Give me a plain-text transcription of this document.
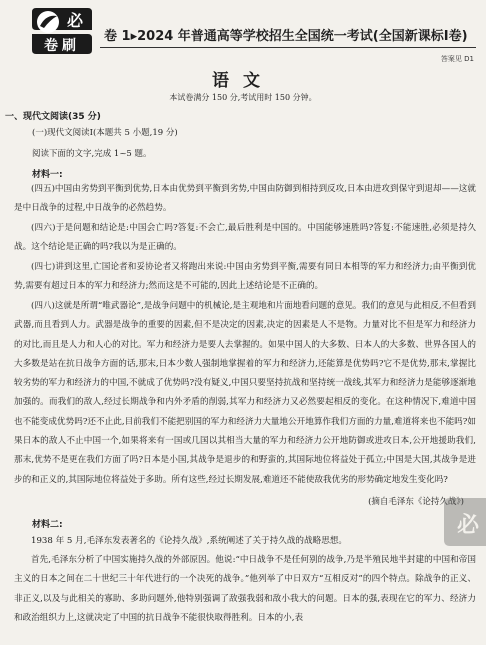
必
卷刷
卷 1▸2024 年普通高等学校招生全国统一考试(全国新课标Ⅰ卷)
答案见 D1
语文
本试卷满分 150 分,考试用时 150 分钟。
一、现代文阅读(35 分)
(一)现代文阅读Ⅰ(本题共 5 小题,19 分)
阅读下面的文字,完成 1~5 题。
材料一:

(四五)中国由劣势到平衡到优势,日本由优势到平衡到劣势,中国由防御到相持到反攻,日本由进攻到保守到退却——这就是中日战争的过程,中日战争的必然趋势。

(四六)于是问题和结论是:中国会亡吗?答复:不会亡,最后胜利是中国的。中国能够速胜吗?答复:不能速胜,必须是持久战。这个结论是正确的吗?我以为是正确的。

(四七)讲到这里,亡国论者和妥协论者又将跑出来说:中国由劣势到平衡,需要有同日本相等的军力和经济力;由平衡到优势,需要有超过日本的军力和经济力;然而这是不可能的,因此上述结论是不正确的。

(四八)这就是所谓“唯武器论”,是战争问题中的机械论,是主观地和片面地看问题的意见。我们的意见与此相反,不但看到武器,而且看到人力。武器是战争的重要的因素,但不是决定的因素,决定的因素是人不是物。力量对比不但是军力和经济力的对比,而且是人力和人心的对比。军力和经济力是要人去掌握的。如果中国人的大多数、日本人的大多数、世界各国人的大多数是站在抗日战争方面的话,那末,日本少数人强制地掌握着的军力和经济力,还能算是优势吗?它不是优势,那末,掌握比较劣势的军力和经济力的中国,不就成了优势吗?没有疑义,中国只要坚持抗战和坚持统一战线,其军力和经济力是能够逐渐地加强的。而我们的敌人,经过长期战争和内外矛盾的削弱,其军力和经济力又必然要起相反的变化。在这种情况下,难道中国也不能变成优势吗?还不止此,目前我们不能把别国的军力和经济力大量地公开地算作我们方面的力量,难道将来也不能吗?如果日本的敌人不止中国一个,如果将来有一国或几国以其相当大量的军力和经济力公开地防御或进攻日本,公开地援助我们,那末,优势不是更在我们方面了吗?日本是小国,其战争是退步的和野蛮的,其国际地位将益处于孤立;中国是大国,其战争是进步的和正义的,其国际地位将益处于多助。所有这些,经过长期发展,难道还不能使敌我优劣的形势确定地发生变化吗?

(摘自毛泽东《论持久战》)
必
材料二:

1938 年 5 月,毛泽东发表著名的《论持久战》,系统阐述了关于持久战的战略思想。

首先,毛泽东分析了中国实施持久战的外部原因。他说:“中日战争不是任何别的战争,乃是半殖民地半封建的中国和帝国主义的日本之间在二十世纪三十年代进行的一个决死的战争。”他列举了中日双方“互相反对”的四个特点。除战争的正义、非正义,以及与此相关的寡助、多助问题外,他特别强调了敌强我弱和敌小我大的问题。日本的强,表现在它的军力、经济力和政治组织力上,这就决定了中国的抗日战争不能很快取得胜利。日本的小,表
